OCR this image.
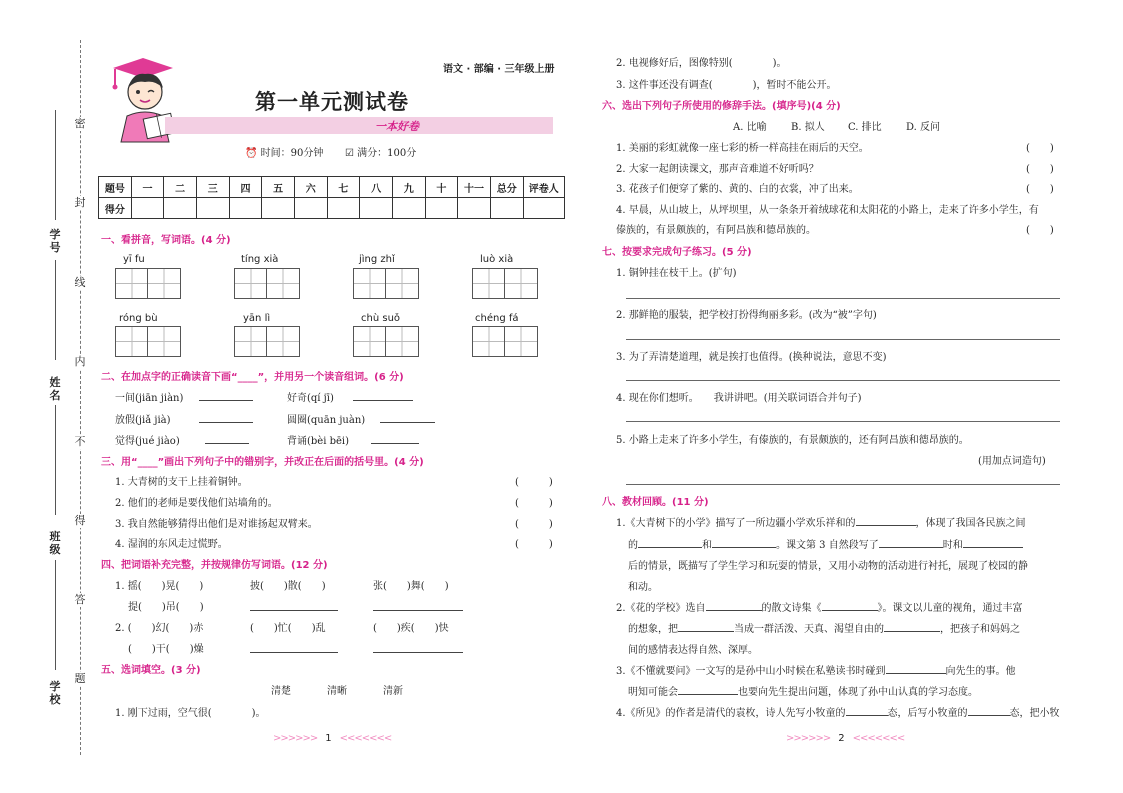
密
封
线
内
不
得
答
题
学号
姓名
班级
学校
语文 · 部编 · 三年级上册
第一单元测试卷
一本好卷
⏰ 时间：90分钟 ☑ 满分：100分
题号	一	二	三	四	五	六	七	八	九	十	十一	总分	评卷人
得分													
一、看拼音，写词语。(4 分)
yī fu	tíng xià	jìng zhǐ	luò xià
róng bù	yān lì	chù suǒ	chéng fá
二、在加点字的正确读音下画“____”，并用另一个读音组词。(6 分)
一间(jiān jiàn)	好奇(qí jī)
放假(jiǎ jià)	圆圈(quān juàn)
觉得(jué jiào)	背诵(bèi bēi)
三、用“____”画出下列句子中的错别字，并改正在后面的括号里。(4 分)
1. 大青树的支干上挂着铜钟。	(　　　)
2. 他们的老师是要伐他们站墙角的。	(　　　)
3. 我自然能够猜得出他们是对谁扬起双臂来。	(　　　)
4. 湿润的东风走过慌野。	(　　　)
四、把词语补充完整，并按规律仿写词语。(12 分)
1. 摇(　　)晃(　　)	披(　　)散(　　)	张(　　)舞(　　)
提(　　)吊(　　)
2. (　　)幻(　　)赤	(　　)忙(　　)乱	(　　)疾(　　)快
(　　)干(　　)燥
五、选词填空。(3 分)
清楚	清晰	清新
1. 刚下过雨，空气很(　　　　)。
>>>>>> 1 <<<<<<<
2. 电视修好后，图像特别(　　　　)。
3. 这件事还没有调查(　　　　)，暂时不能公开。
六、选出下列句子所使用的修辞手法。(填序号)(4 分)
A. 比喻 B. 拟人 C. 排比 D. 反问
1. 美丽的彩虹就像一座七彩的桥一样高挂在雨后的天空。	(　　)
2. 大家一起朗读课文，那声音难道不好听吗？	(　　)
3. 花孩子们便穿了紫的、黄的、白的衣裳，冲了出来。	(　　)
4. 早晨，从山坡上，从坪坝里，从一条条开着绒球花和太阳花的小路上，走来了许多小学生，有
傣族的，有景颇族的，有阿昌族和德昂族的。	(　　)
七、按要求完成句子练习。(5 分)
1. 铜钟挂在枝干上。(扩句)
2. 那鲜艳的服装，把学校打扮得绚丽多彩。(改为“被”字句)
3. 为了弄清楚道理，就是挨打也值得。(换种说法，意思不变)
4. 现在你们想听。　　我讲讲吧。(用关联词语合并句子)
5. 小路上走来了许多小学生，有傣族的，有景颇族的，还有阿昌族和德昂族的。
(用加点词造句)
八、教材回顾。(11 分)
1.《大青树下的小学》描写了一所边疆小学欢乐祥和的	，体现了我国各民族之间
的	和	。课文第 3 自然段写了	时和
后的情景，既描写了学生学习和玩耍的情景，又用小动物的活动进行衬托，展现了校园的静
和动。
2.《花的学校》选自	的散文诗集《	》。课文以儿童的视角，通过丰富
的想象，把	当成一群活泼、天真、渴望自由的	，把孩子和妈妈之
间的感情表达得自然、深厚。
3.《不懂就要问》一文写的是孙中山小时候在私塾读书时碰到	向先生的事。他
明知可能会	也要向先生提出问题，体现了孙中山认真的学习态度。
4.《所见》的作者是清代的袁枚，诗人先写小牧童的	态，后写小牧童的	态，把小牧
>>>>>> 2 <<<<<<<
